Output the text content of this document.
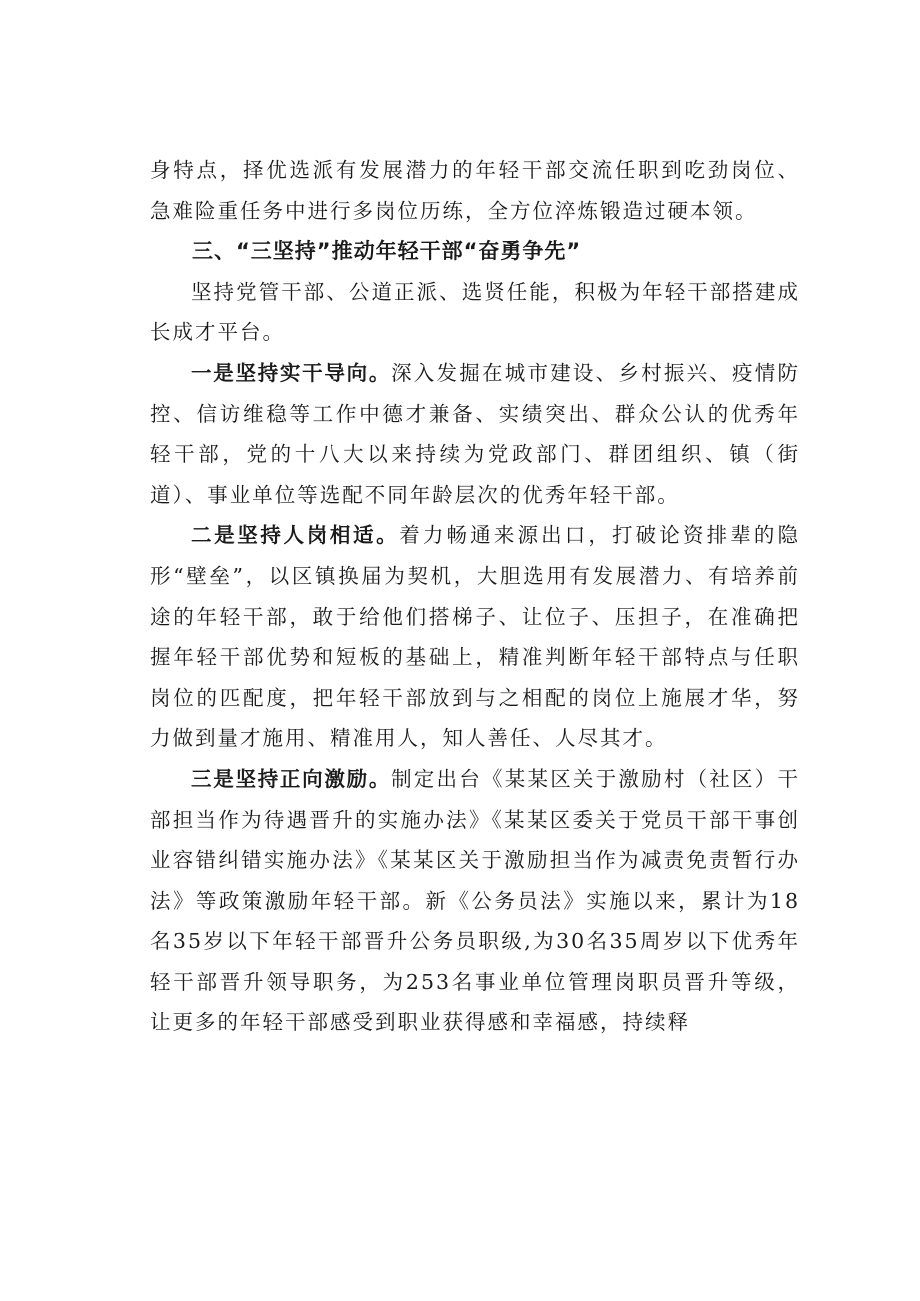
身特点，择优选派有发展潜力的年轻干部交流任职到吃劲岗位、急难险重任务中进行多岗位历练，全方位淬炼锻造过硬本领。

三、“三坚持”推动年轻干部“奋勇争先”

坚持党管干部、公道正派、选贤任能，积极为年轻干部搭建成长成才平台。

一是坚持实干导向。深入发掘在城市建设、乡村振兴、疫情防控、信访维稳等工作中德才兼备、实绩突出、群众公认的优秀年轻干部，党的十八大以来持续为党政部门、群团组织、镇（街道）、事业单位等选配不同年龄层次的优秀年轻干部。

二是坚持人岗相适。着力畅通来源出口，打破论资排辈的隐形“壁垒”，以区镇换届为契机，大胆选用有发展潜力、有培养前途的年轻干部，敢于给他们搭梯子、让位子、压担子，在准确把握年轻干部优势和短板的基础上，精准判断年轻干部特点与任职岗位的匹配度，把年轻干部放到与之相配的岗位上施展才华，努力做到量才施用、精准用人，知人善任、人尽其才。

三是坚持正向激励。制定出台《某某区关于激励村（社区）干部担当作为待遇晋升的实施办法》《某某区委关于党员干部干事创业容错纠错实施办法》《某某区关于激励担当作为减责免责暂行办法》等政策激励年轻干部。新《公务员法》实施以来，累计为18名35岁以下年轻干部晋升公务员职级,为30名35周岁以下优秀年轻干部晋升领导职务，为253名事业单位管理岗职员晋升等级，让更多的年轻干部感受到职业获得感和幸福感，持续释
